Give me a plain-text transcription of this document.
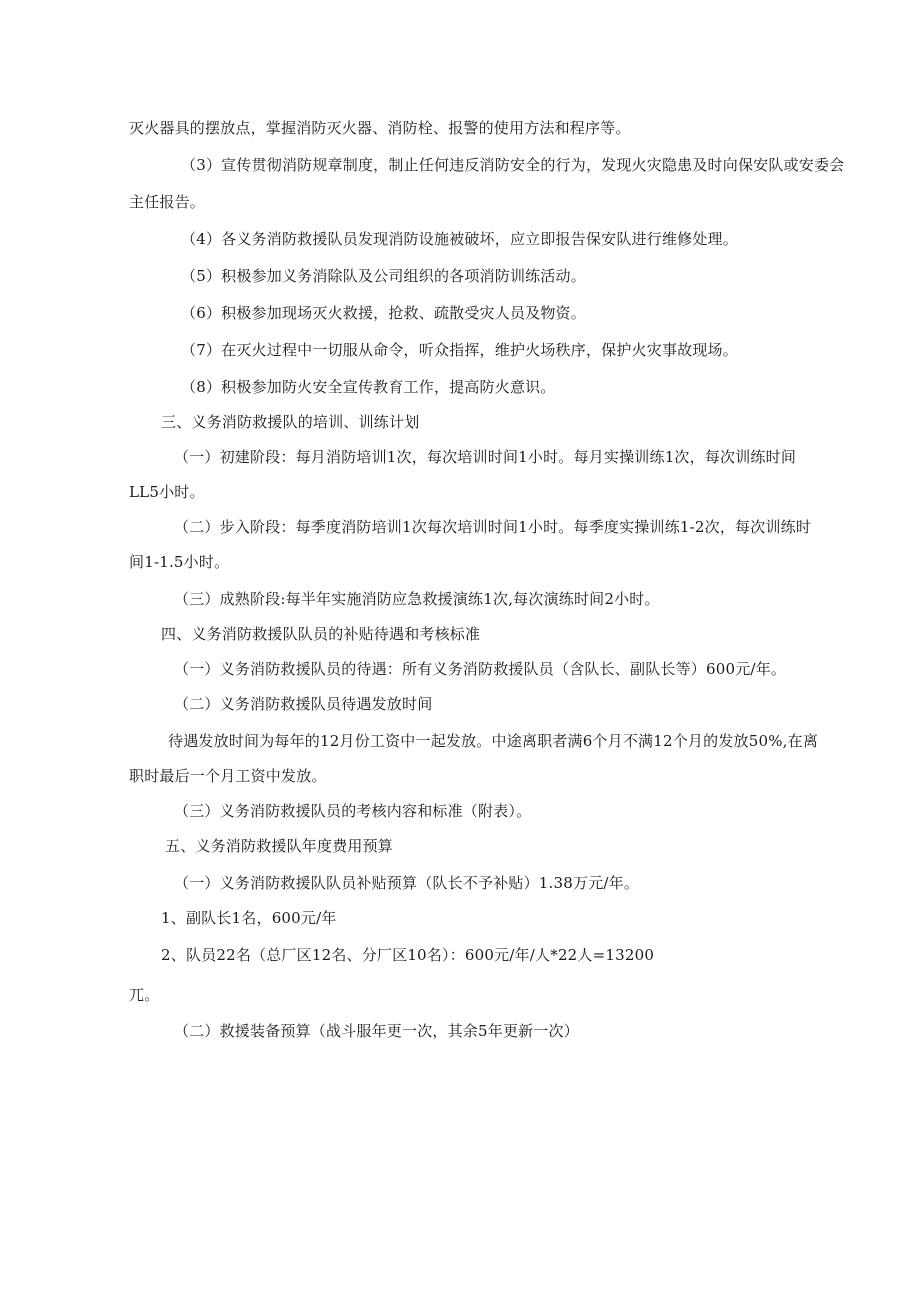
灭火器具的摆放点，掌握消防灭火器、消防栓、报警的使用方法和程序等。
（3）宣传贯彻消防规章制度，制止任何违反消防安全的行为，发现火灾隐患及时向保安队或安委会
主任报告。
（4）各义务消防救援队员发现消防设施被破坏，应立即报告保安队进行维修处理。
（5）积极参加义务消除队及公司组织的各项消防训练活动。
（6）积极参加现场灭火救援，抢救、疏散受灾人员及物资。
（7）在灭火过程中一切服从命令，听众指挥，维护火场秩序，保护火灾事故现场。
（8）积极参加防火安全宣传教育工作，提高防火意识。
三、义务消防救援队的培训、训练计划
（一）初建阶段：每月消防培训1次，每次培训时间1小时。每月实操训练1次，每次训练时间
LL5小时。
（二）步入阶段：每季度消防培训1次每次培训时间1小时。每季度实操训练1-2次，每次训练时
间1-1.5小时。
（三）成熟阶段:每半年实施消防应急救援演练1次,每次演练时间2小时。
四、义务消防救援队队员的补贴待遇和考核标准
（一）义务消防救援队员的待遇：所有义务消防救援队员（含队长、副队长等）600元/年。
（二）义务消防救援队员待遇发放时间
待遇发放时间为每年的12月份工资中一起发放。中途离职者满6个月不满12个月的发放50%,在离
职时最后一个月工资中发放。
（三）义务消防救援队员的考核内容和标准（附表）。
五、义务消防救援队年度费用预算
（一）义务消防救援队队员补贴预算（队长不予补贴）1.38万元/年。
1、副队长1名，600元/年
2、队员22名（总厂区12名、分厂区10名）：600元/年/人*22人=13200
兀。
（二）救援装备预算（战斗服年更一次，其余5年更新一次）
